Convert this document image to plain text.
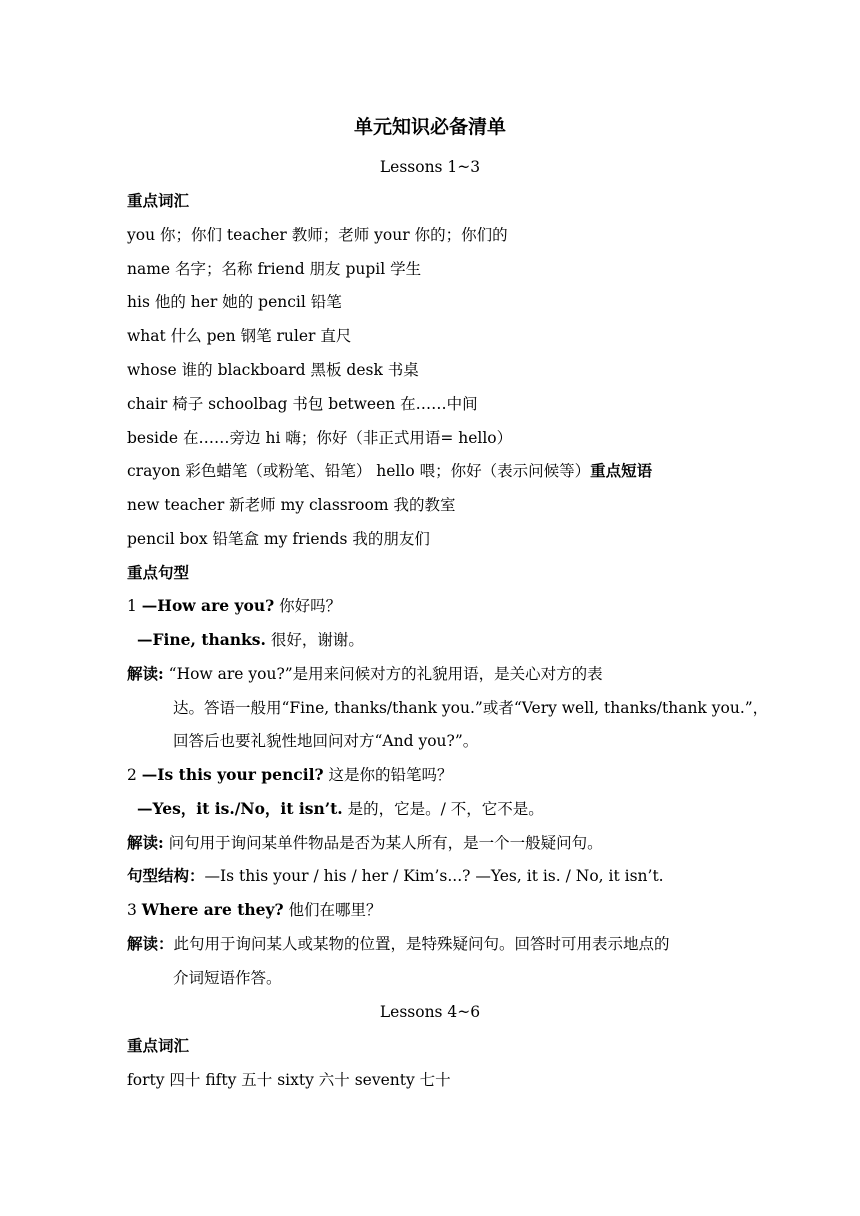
单元知识必备清单
Lessons 1~3
重点词汇
you 你；你们 teacher 教师；老师 your 你的；你们的
name 名字；名称 friend 朋友 pupil 学生
his 他的 her 她的 pencil 铅笔
what 什么 pen 钢笔 ruler 直尺
whose 谁的 blackboard 黑板 desk 书桌
chair 椅子 schoolbag 书包 between 在……中间
beside 在……旁边 hi 嗨；你好（非正式用语= hello）
crayon 彩色蜡笔（或粉笔、铅笔） hello 喂；你好（表示问候等）重点短语
new teacher 新老师 my classroom 我的教室
pencil box 铅笔盒 my friends 我的朋友们
重点句型
1 —How are you? 你好吗？
—Fine, thanks. 很好，谢谢。
解读: “How are you?”是用来问候对方的礼貌用语，是关心对方的表
达。答语一般用“Fine, thanks/thank you.”或者“Very well, thanks/thank you.”，
回答后也要礼貌性地回问对方“And you?”。
2 —Is this your pencil? 这是你的铅笔吗？
—Yes，it is./No，it isn’t. 是的，它是。/ 不，它不是。
解读: 问句用于询问某单件物品是否为某人所有，是一个一般疑问句。
句型结构：—Is this your / his / her / Kim’s...? —Yes, it is. / No, it isn’t.
3 Where are they? 他们在哪里？
解读：此句用于询问某人或某物的位置，是特殊疑问句。回答时可用表示地点的
介词短语作答。
Lessons 4~6
重点词汇
forty 四十 fifty 五十 sixty 六十 seventy 七十
